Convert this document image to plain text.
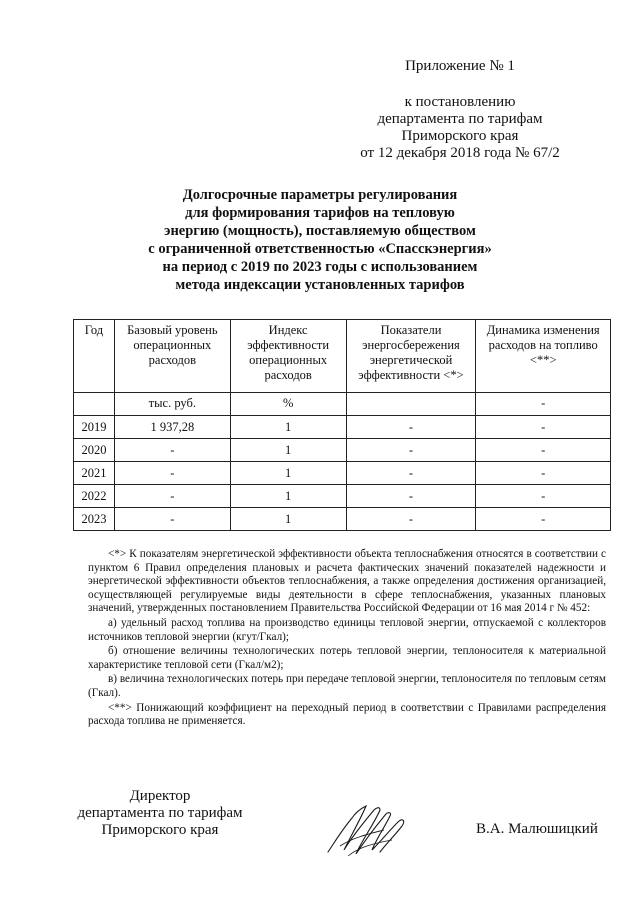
Приложение № 1
к постановлению
департамента по тарифам
Приморского края
от 12 декабря 2018 года № 67/2
Долгосрочные параметры регулирования
для формирования тарифов на тепловую
энергию (мощность), поставляемую обществом
с ограниченной ответственностью «Спасскэнергия»
на период с 2019 по 2023 годы с использованием
метода индексации установленных тарифов
Год	Базовый уровень операционных расходов	Индекс эффективности операционных расходов	Показатели энергосбережения энергетической эффективности <*>	Динамика изменения расходов на топливо <**>
	тыс. руб.	%		-
2019	1 937,28	1	-	-
2020	-	1	-	-
2021	-	1	-	-
2022	-	1	-	-
2023	-	1	-	-

<*> К показателям энергетической эффективности объекта теплоснабжения относятся в соответствии с пунктом 6 Правил определения плановых и расчета фактических значений показателей надежности и энергетической эффективности объектов теплоснабжения, а также определения достижения организацией, осуществляющей регулируемые виды деятельности в сфере теплоснабжения, указанных плановых значений, утвержденных постановлением Правительства Российской Федерации от 16 мая 2014 г № 452:

а) удельный расход топлива на производство единицы тепловой энергии, отпускаемой с коллекторов источников тепловой энергии (кгут/Гкал);

б) отношение величины технологических потерь тепловой энергии, теплоносителя к материальной характеристике тепловой сети (Гкал/м2);

в) величина технологических потерь при передаче тепловой энергии, теплоносителя по тепловым сетям (Гкал).

<**> Понижающий коэффициент на переходный период в соответствии с Правилами распределения расхода топлива не применяется.

Директор
департамента по тарифам
Приморского края	В.А. Малюшицкий
